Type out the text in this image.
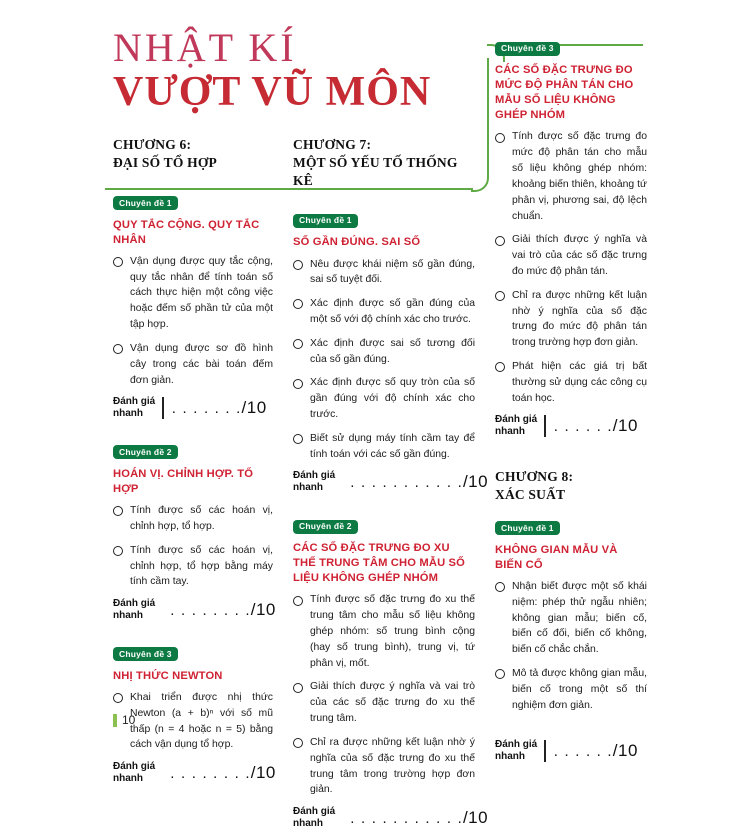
NHẬT KÍ
VƯỢT VŨ MÔN
CHƯƠNG 6:
ĐẠI SỐ TỔ HỢP
Chuyên đề 1
QUY TẮC CỘNG. QUY TẮC NHÂN
Vận dụng được quy tắc cộng, quy tắc nhân để tính toán số cách thực hiện một công việc hoặc đếm số phần tử của một tập hợp.
Vận dụng được sơ đồ hình cây trong các bài toán đếm đơn giản.
Đánh giá
nhanh	. . . . . . ./10
Chuyên đề 2
HOÁN VỊ. CHỈNH HỢP. TỔ HỢP
Tính được số các hoán vị, chỉnh hợp, tổ hợp.
Tính được số các hoán vị, chỉnh hợp, tổ hợp bằng máy tính cầm tay.
Đánh giá
nhanh	. . . . . . . ./10
Chuyên đề 3
NHỊ THỨC NEWTON
Khai triển được nhị thức Newton (a + b)ⁿ với số mũ thấp (n = 4 hoặc n = 5) bằng cách vận dụng tổ hợp.
Đánh giá
nhanh	. . . . . . . ./10
CHƯƠNG 7:
MỘT SỐ YẾU TỐ THỐNG KÊ
Chuyên đề 1
SỐ GẦN ĐÚNG. SAI SỐ
Nêu được khái niệm số gần đúng, sai số tuyệt đối.
Xác định được số gần đúng của một số với độ chính xác cho trước.
Xác định được sai số tương đối của số gần đúng.
Xác định được số quy tròn của số gần đúng với độ chính xác cho trước.
Biết sử dụng máy tính cầm tay để tính toán với các số gần đúng.
Đánh giá
nhanh	. . . . . . . . . . ./10
Chuyên đề 2
CÁC SỐ ĐẶC TRƯNG ĐO XU THẾ TRUNG TÂM CHO MẪU SỐ LIỆU KHÔNG GHÉP NHÓM
Tính được số đặc trưng đo xu thế trung tâm cho mẫu số liệu không ghép nhóm: số trung bình cộng (hay số trung bình), trung vị, tứ phân vị, mốt.
Giải thích được ý nghĩa và vai trò của các số đặc trưng đo xu thế trung tâm.
Chỉ ra được những kết luận nhờ ý nghĩa của số đặc trưng đo xu thế trung tâm trong trường hợp đơn giản.
Đánh giá
nhanh	. . . . . . . . . . ./10
Chuyên đề 3
CÁC SỐ ĐẶC TRƯNG ĐO MỨC ĐỘ PHÂN TÁN CHO MẪU SỐ LIỆU KHÔNG GHÉP NHÓM
Tính được số đặc trưng đo mức độ phân tán cho mẫu số liệu không ghép nhóm: khoảng biến thiên, khoảng tứ phân vị, phương sai, độ lệch chuẩn.
Giải thích được ý nghĩa và vai trò của các số đặc trưng đo mức độ phân tán.
Chỉ ra được những kết luận nhờ ý nghĩa của số đặc trưng đo mức độ phân tán trong trường hợp đơn giản.
Phát hiện các giá trị bất thường sử dụng các công cụ toán học.
Đánh giá
nhanh	. . . . . ./10
CHƯƠNG 8:
XÁC SUẤT
Chuyên đề 1
KHÔNG GIAN MẪU VÀ BIẾN CỐ
Nhận biết được một số khái niệm: phép thử ngẫu nhiên; không gian mẫu; biến cố, biến cố đối, biến cố không, biến cố chắc chắn.
Mô tả được không gian mẫu, biến cố trong một số thí nghiệm đơn giản.
Đánh giá
nhanh	. . . . . ./10
10
